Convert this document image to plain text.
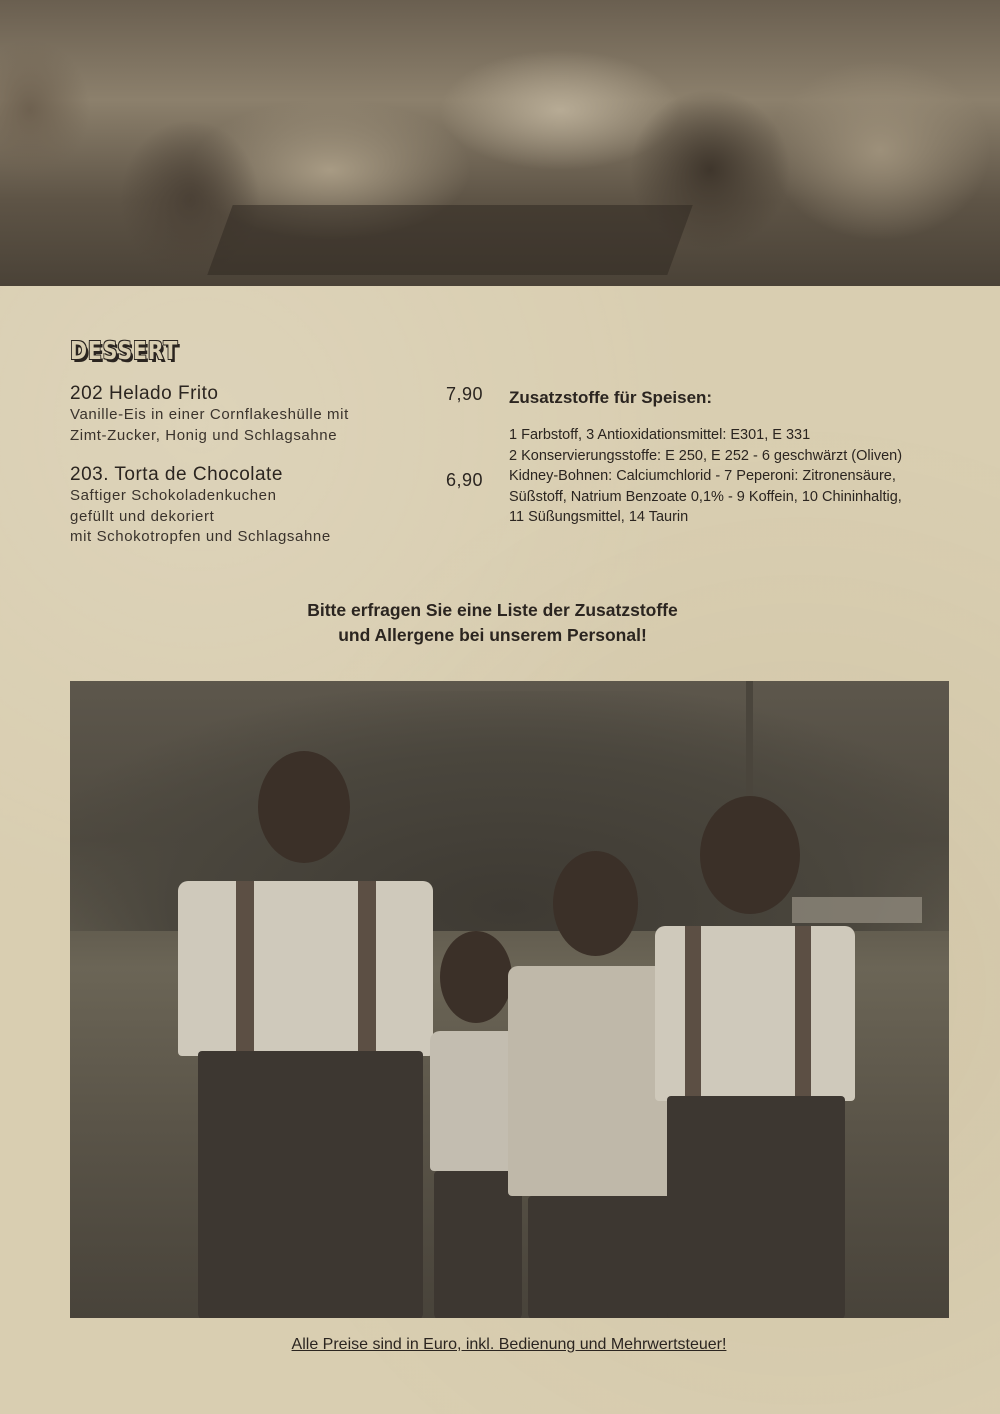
DESSERT
202 Helado Frito
Vanille-Eis in einer Cornflakeshülle mit
Zimt-Zucker, Honig und Schlagsahne
7,90
203. Torta de Chocolate
Saftiger Schokoladenkuchen
gefüllt und dekoriert
mit Schokotropfen und Schlagsahne
6,90
Zusatzstoffe für Speisen:
1 Farbstoff, 3 Antioxidationsmittel: E301, E 331
2 Konservierungsstoffe: E 250, E 252 - 6 geschwärzt (Oliven)
Kidney-Bohnen: Calciumchlorid - 7 Peperoni: Zitronensäure,
Süßstoff, Natrium Benzoate 0,1% - 9 Koffein, 10 Chininhaltig,
11 Süßungsmittel, 14 Taurin
Bitte erfragen Sie eine Liste der Zusatzstoffe
und Allergene bei unserem Personal!
Alle Preise sind in Euro, inkl. Bedienung und Mehrwertsteuer!
